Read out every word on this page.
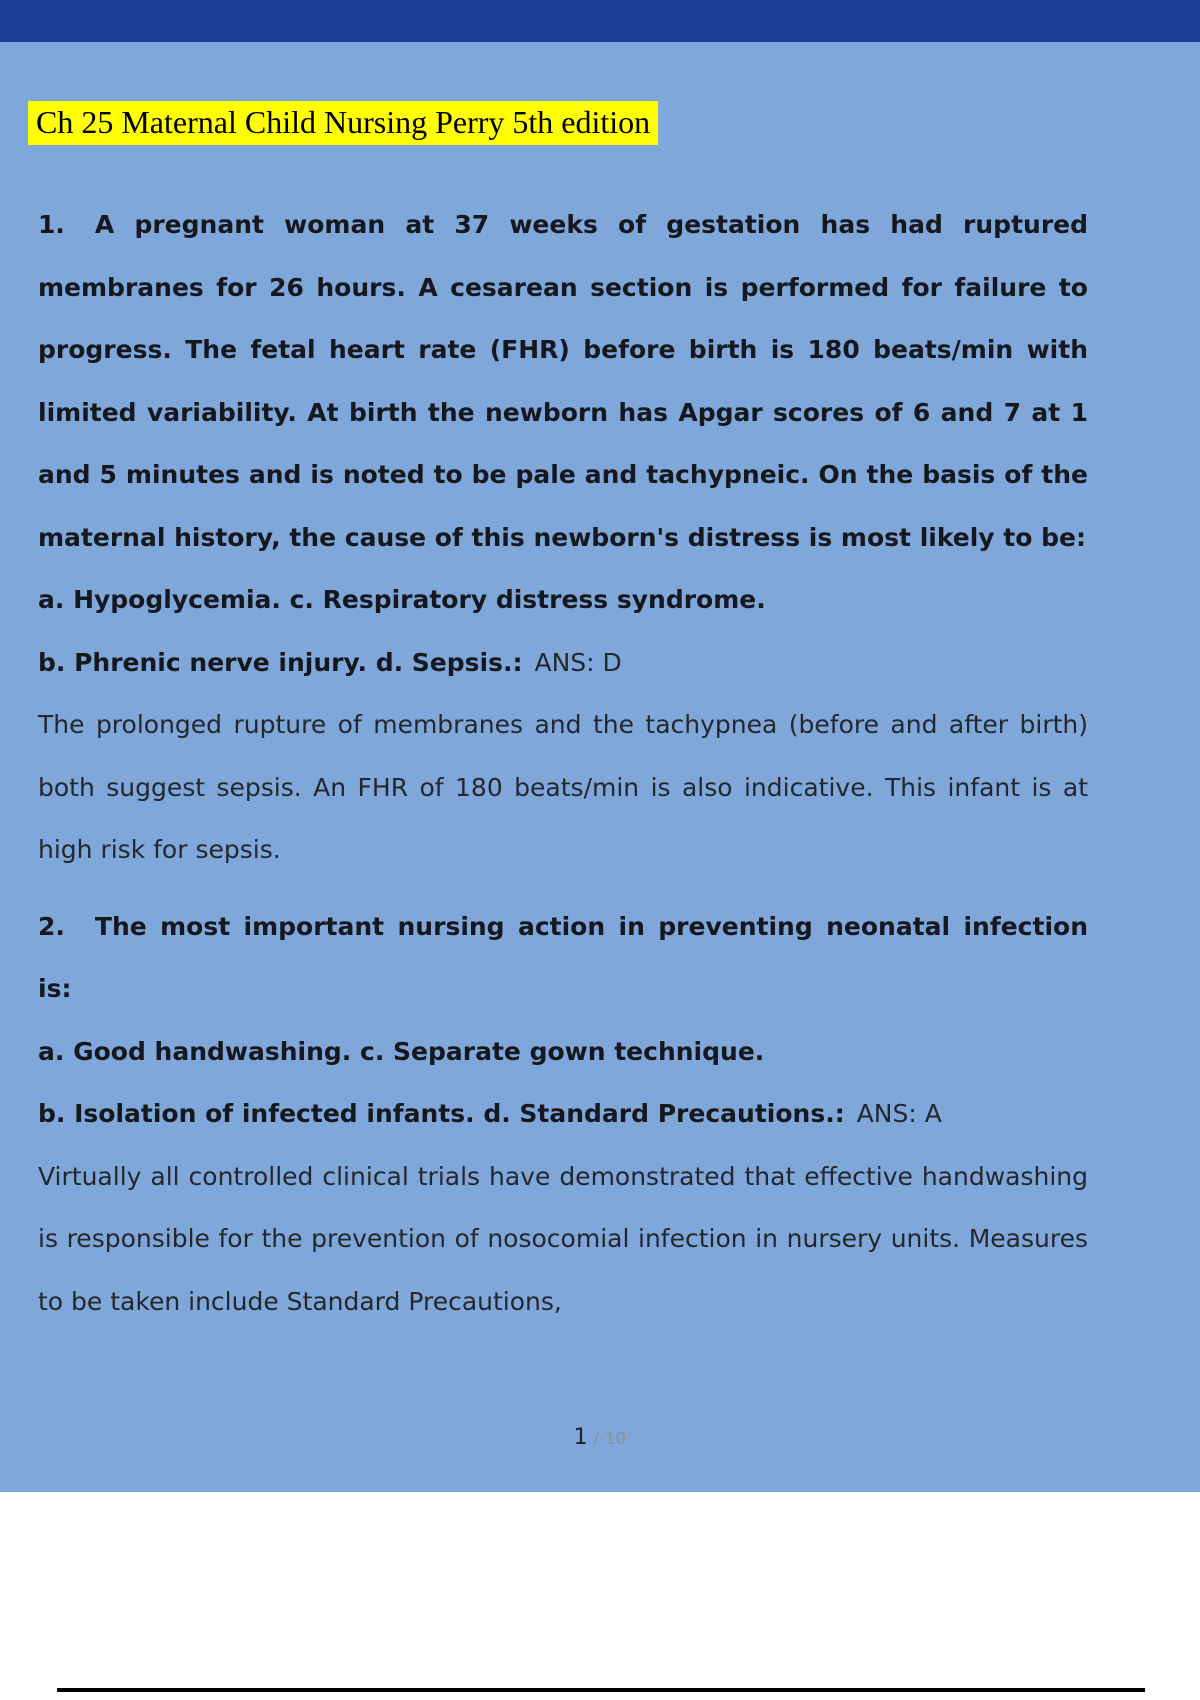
Ch 25 Maternal Child Nursing Perry 5th edition

1. A pregnant woman at 37 weeks of gestation has had ruptured membranes for 26 hours. A cesarean section is performed for failure to progress. The fetal heart rate (FHR) before birth is 180 beats/min with limited variability. At birth the newborn has Apgar scores of 6 and 7 at 1 and 5 minutes and is noted to be pale and tachypneic. On the basis of the maternal history, the cause of this newborn's distress is most likely to be:

a. Hypoglycemia. c. Respiratory distress syndrome.

b. Phrenic nerve injury. d. Sepsis.: ANS: D

The prolonged rupture of membranes and the tachypnea (before and after birth) both suggest sepsis. An FHR of 180 beats/min is also indicative. This infant is at high risk for sepsis.

2. The most important nursing action in preventing neonatal infection is:

a. Good handwashing. c. Separate gown technique.

b. Isolation of infected infants. d. Standard Precautions.: ANS: A

Virtually all controlled clinical trials have demonstrated that effective handwashing is responsible for the prevention of nosocomial infection in nursery units. Measures to be taken include Standard Precautions,

1 / 10
